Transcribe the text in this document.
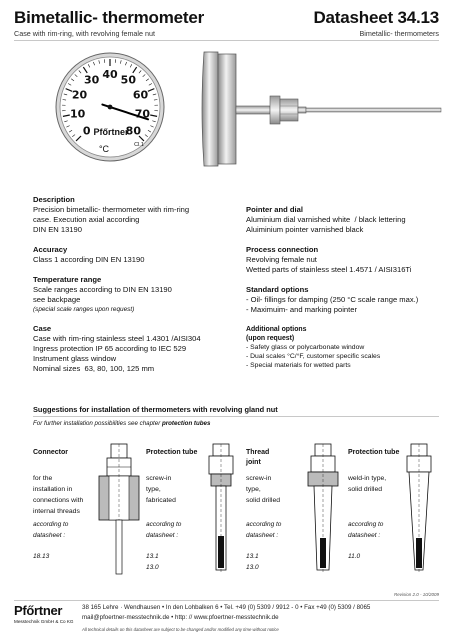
Bimetallic- thermometer
Case with rim-ring, with revolving female nut
Datasheet 34.13
Bimetallic- thermometers
0
10
20
30 40 50
60
70
80
Pfőrtner
°C	Cl.1
Description
Precision bimetallic- thermometer with rim-ring
case. Execution axial according
DIN EN 13190
Accuracy
Class 1 according DIN EN 13190
Temperature range
Scale ranges according to DIN EN 13190
see backpage
(special scale ranges upon request)
Case
Case with rim-ring stainless steel 1.4301 /AISI304
Ingress protection IP 65 according to IEC 529
Instrument glass window
Nominal sizes  63, 80, 100, 125 mm
Pointer and dial
Aluminium dial varnished white  / black lettering
Aluiminium pointer varnished black
Process connection
Revolving female nut
Wetted parts of stainless steel 1.4571 / AISI316Ti
Standard options
- Oil- fillings for damping (250 °C scale range max.)
- Maximuim- and marking pointer
Additional options
(upon request)
- Safety glass or polycarbonate window
- Dual scales °C/°F, customer specific scales
- Special materials for wetted parts
Suggestions for installation of thermometers with revolving gland nut
For further installation possibilities see chapter protection tubes
Connector
for the
installation in
connections with
internal threads
according to
datasheet :
18.13
Protection tube
screw-in
type,
fabricated
according to
datasheet :
13.1
13.0
Thread
joint
screw-in
type,
solid drilled
according to
datasheet :
13.1
13.0
Protection tube
weld-in type,
solid drilled
according to
datasheet :
11.0
Revision 2.0 - 10/2009
Pfőrtner
Messtechnik GmbH & Co KG
38 165 Lehre · Wendhausen • In den Lohbalken 6 • Tel. +49 (0) 5309 / 9912 - 0 • Fax +49 (0) 5309 / 8065
mail@pfoertner-messtechnik.de • http: // www.pfoertner-messtechnik.de
All technical details on this datasheet are subject to be changed and/or modified any time without notice
